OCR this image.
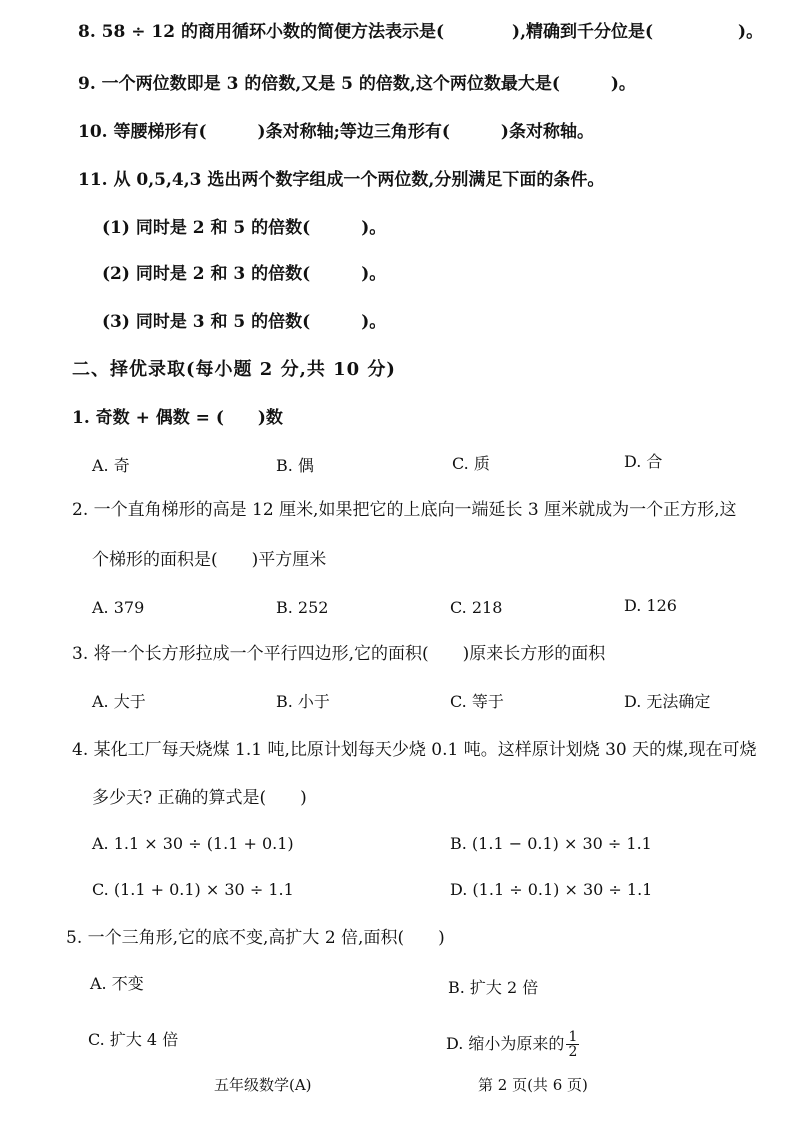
8. 58 ÷ 12 的商用循环小数的简便方法表示是(　　　　),精确到千分位是(　　　　　)。
9. 一个两位数即是 3 的倍数,又是 5 的倍数,这个两位数最大是(　　　)。
10. 等腰梯形有(　　　)条对称轴;等边三角形有(　　　)条对称轴。
11. 从 0,5,4,3 选出两个数字组成一个两位数,分别满足下面的条件。
(1) 同时是 2 和 5 的倍数(　　　)。
(2) 同时是 2 和 3 的倍数(　　　)。
(3) 同时是 3 和 5 的倍数(　　　)。
二、择优录取(每小题 2 分,共 10 分)
1. 奇数 + 偶数 = (　　)数
A. 奇	B. 偶	C. 质	D. 合
2. 一个直角梯形的高是 12 厘米,如果把它的上底向一端延长 3 厘米就成为一个正方形,这
个梯形的面积是(　　)平方厘米
A. 379	B. 252	C. 218	D. 126
3. 将一个长方形拉成一个平行四边形,它的面积(　　)原来长方形的面积
A. 大于	B. 小于	C. 等于	D. 无法确定
4. 某化工厂每天烧煤 1.1 吨,比原计划每天少烧 0.1 吨。这样原计划烧 30 天的煤,现在可烧
多少天? 正确的算式是(　　)
A. 1.1 × 30 ÷ (1.1 + 0.1)	B. (1.1 − 0.1) × 30 ÷ 1.1
C. (1.1 + 0.1) × 30 ÷ 1.1	D. (1.1 ÷ 0.1) × 30 ÷ 1.1
5. 一个三角形,它的底不变,高扩大 2 倍,面积(　　)
A. 不变	B. 扩大 2 倍
C. 扩大 4 倍	D. 缩小为原来的 $\frac{1}{2}$
五年级数学(A)	第 2 页(共 6 页)
